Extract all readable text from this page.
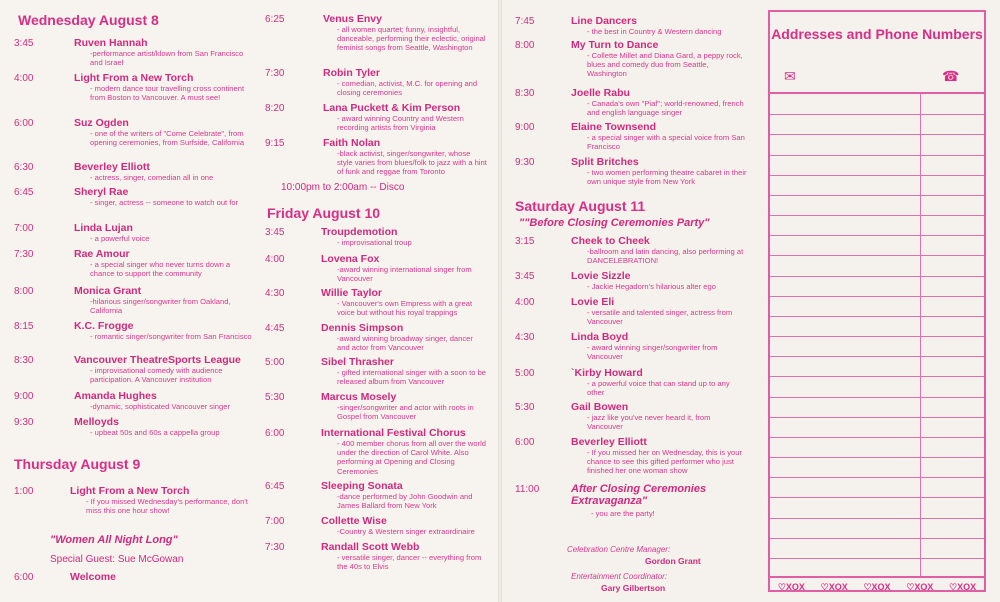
Wednesday August 8
3:45	Ruven Hannah
-performance artist/klown from San Francisco and Israel
4:00	Light From a New Torch
- modern dance tour travelling cross continent from Boston to Vancouver. A must see!
6:00	Suz Ogden
- one of the writers of "Come Celebrate", from opening ceremonies, from Surfside, California
6:30	Beverley Elliott
- actress, singer, comedian all in one
6:45	Sheryl Rae
- singer, actress -- someone to watch out for
7:00	Linda Lujan
- a powerful voice
7:30	Rae Amour
- a special singer who never turns down a chance to support the community
8:00	Monica Grant
-hilarious singer/songwriter from Oakland, California
8:15	K.C. Frogge
- romantic singer/songwriter from San Francisco
8:30	Vancouver TheatreSports League
- improvisational comedy with audience participation. A Vancouver institution
9:00	Amanda Hughes
-dynamic, sophisticated Vancouver singer
9:30	Melloyds
- upbeat 50s and 60s a cappella group
Thursday August 9
1:00	Light From a New Torch
- If you missed Wednesday's performance, don't miss this one hour show!
"Women All Night Long"
Special Guest: Sue McGowan
6:00	Welcome
6:25	Venus Envy
- all women quartet; funny, insightful, danceable, performing their eclectic, original feminist songs from Seattle, Washington
7:30	Robin Tyler
- comedian, activist, M.C. for opening and closing ceremonies
8:20	Lana Puckett & Kim Person
- award winning Country and Western recording artists from Virginia
9:15	Faith Nolan
-black activist, singer/songwriter, whose style varies from blues/folk to jazz with a hint of funk and reggae from Toronto
10:00pm to 2:00am -- Disco
Friday August 10
3:45	Troupdemotion
- improvisational troup
4:00	Lovena Fox
-award winning international singer from Vancouver
4:30	Willie Taylor
- Vancouver's own Empress with a great voice but without his royal trappings
4:45	Dennis Simpson
-award winning broadway singer, dancer and actor from Vancouver
5:00	Sibel Thrasher
- gifted international singer with a soon to be released album from Vancouver
5:30	Marcus Mosely
-singer/songwriter and actor with roots in Gospel from Vancouver
6:00	International Festival Chorus
- 400 member chorus from all over the world under the direction of Carol White. Also performing at Opening and Closing Ceremonies
6:45	Sleeping Sonata
-dance performed by John Goodwin and James Ballard from New York
7:00	Collette Wise
-Country & Western singer extraordinaire
7:30	Randall Scott Webb
- versatile singer, dancer -- everything from the 40s to Elvis
7:45	Line Dancers
- the best in Country & Western dancing
8:00	My Turn to Dance
- Collette Millet and Diana Gard, a peppy rock, blues and comedy duo from Seattle, Washington
8:30	Joelle Rabu
- Canada's own "Piaf"; world-renowned, french and english language singer
9:00	Elaine Townsend
- a special singer with a special voice from San Francisco
9:30	Split Britches
- two women performing theatre cabaret in their own unique style from New York
Saturday August 11
""Before Closing Ceremonies Party"
3:15	Cheek to Cheek
-ballroom and latin dancing, also performing at DANCELEBRATION!
3:45	Lovie Sizzle
- Jackie Hegadorn's hilarious alter ego
4:00	Lovie Eli
- versatile and talented singer, actress from Vancouver
4:30	Linda Boyd
- award winning singer/songwriter from Vancouver
5:00	`Kirby Howard
- a powerful voice that can stand up to any other
5:30	Gail Bowen
- jazz like you've never heard it, from Vancouver
6:00	Beverley Elliott
- If you missed her on Wednesday, this is your chance to see this gifted performer who just finished her one woman show
11:00	After Closing Ceremonies Extravaganza"
- you are the party!
Celebration Centre Manager:
Gordon Grant
Entertainment Coordinator:
Gary Gilbertson
Addresses and Phone Numbers
✉	☎
♡XOX ♡XOX ♡XOX ♡XOX ♡XOX
